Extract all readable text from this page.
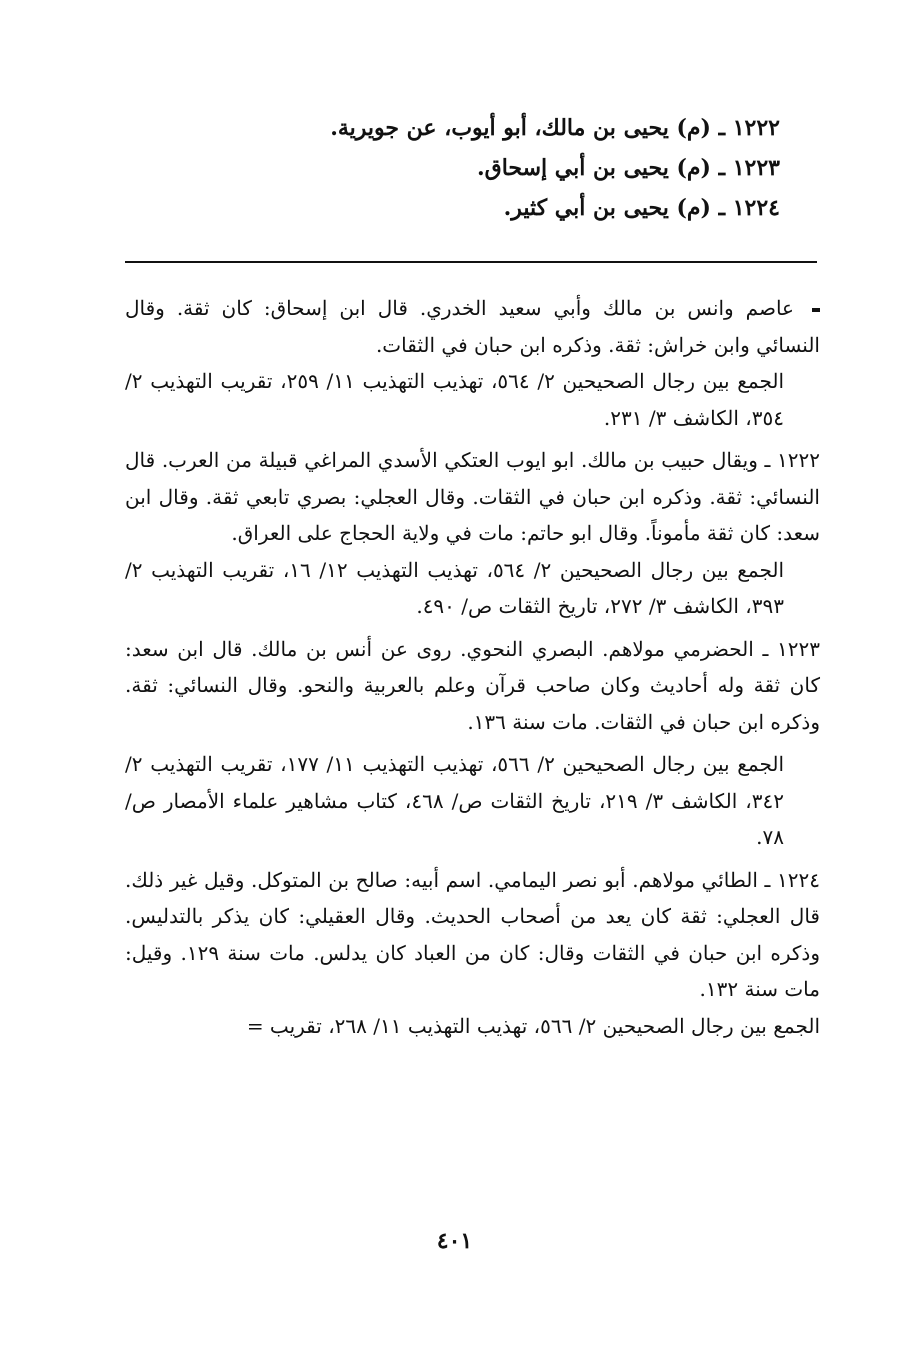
١٢٢٢ ـ (م) يحيى بن مالك، أبو أيوب، عن جويرية.
١٢٢٣ ـ (م) يحيى بن أبي إسحاق.
١٢٢٤ ـ (م) يحيى بن أبي كثير.

عاصم وانس بن مالك وأبي سعيد الخدري. قال ابن إسحاق: كان ثقة. وقال النسائي وابن خراش: ثقة. وذكره ابن حبان في الثقات.

الجمع بين رجال الصحيحين ٢/ ٥٦٤، تهذيب التهذيب ١١/ ٢٥٩، تقريب التهذيب ٢/ ٣٥٤، الكاشف ٣/ ٢٣١.

١٢٢٢ ـ ويقال حبيب بن مالك. ابو ايوب العتكي الأسدي المراغي قبيلة من العرب. قال النسائي: ثقة. وذكره ابن حبان في الثقات. وقال العجلي: بصري تابعي ثقة. وقال ابن سعد: كان ثقة مأموناً. وقال ابو حاتم: مات في ولاية الحجاج على العراق.

الجمع بين رجال الصحيحين ٢/ ٥٦٤، تهذيب التهذيب ١٢/ ١٦، تقريب التهذيب ٢/ ٣٩٣، الكاشف ٣/ ٢٧٢، تاريخ الثقات ص/ ٤٩٠.

١٢٢٣ ـ الحضرمي مولاهم. البصري النحوي. روى عن أنس بن مالك. قال ابن سعد: كان ثقة وله أحاديث وكان صاحب قرآن وعلم بالعربية والنحو. وقال النسائي: ثقة. وذكره ابن حبان في الثقات. مات سنة ١٣٦.

الجمع بين رجال الصحيحين ٢/ ٥٦٦، تهذيب التهذيب ١١/ ١٧٧، تقريب التهذيب ٢/ ٣٤٢، الكاشف ٣/ ٢١٩، تاريخ الثقات ص/ ٤٦٨، كتاب مشاهير علماء الأمصار ص/ ٧٨.

١٢٢٤ ـ الطائي مولاهم. أبو نصر اليمامي. اسم أبيه: صالح بن المتوكل. وقيل غير ذلك. قال العجلي: ثقة كان يعد من أصحاب الحديث. وقال العقيلي: كان يذكر بالتدليس. وذكره ابن حبان في الثقات وقال: كان من العباد كان يدلس. مات سنة ١٢٩. وقيل: مات سنة ١٣٢.

الجمع بين رجال الصحيحين ٢/ ٥٦٦، تهذيب التهذيب ١١/ ٢٦٨، تقريب =

٤٠١
